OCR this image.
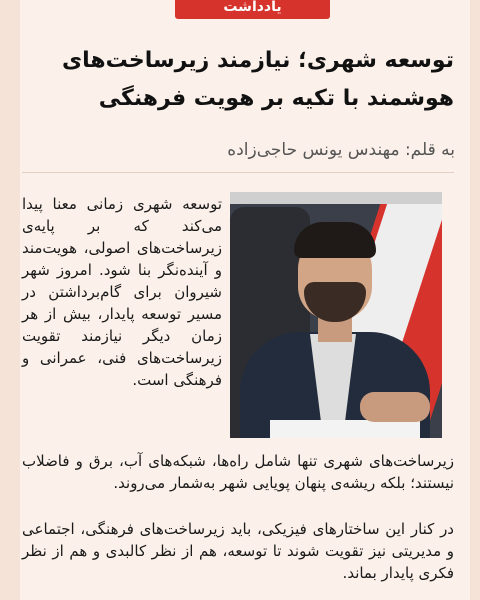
یادداشت
توسعه شهری؛ نیازمند زیرساخت‌های هوشمند با تکیه بر هویت فرهنگی
به قلم: مهندس یونس حاجی‌زاده
توسعه شهری زمانی معنا پیدا می‌کند که بر پایه‌ی زیرساخت‌های اصولی، هویت‌مند و آینده‌نگر بنا شود. امروز شهر شیروان برای گام‌برداشتن در مسیر توسعه پایدار، بیش از هر زمان دیگر نیازمند تقویت زیرساخت‌های فنی، عمرانی و فرهنگی است.
زیرساخت‌های شهری تنها شامل راه‌ها، شبکه‌های آب، برق و فاضلاب نیستند؛ بلکه ریشه‌ی پنهان پویایی شهر به‌شمار می‌روند.
در کنار این ساختارهای فیزیکی، باید زیرساخت‌های فرهنگی، اجتماعی و مدیریتی نیز تقویت شوند تا توسعه، هم از نظر کالبدی و هم از نظر فکری پایدار بماند.
